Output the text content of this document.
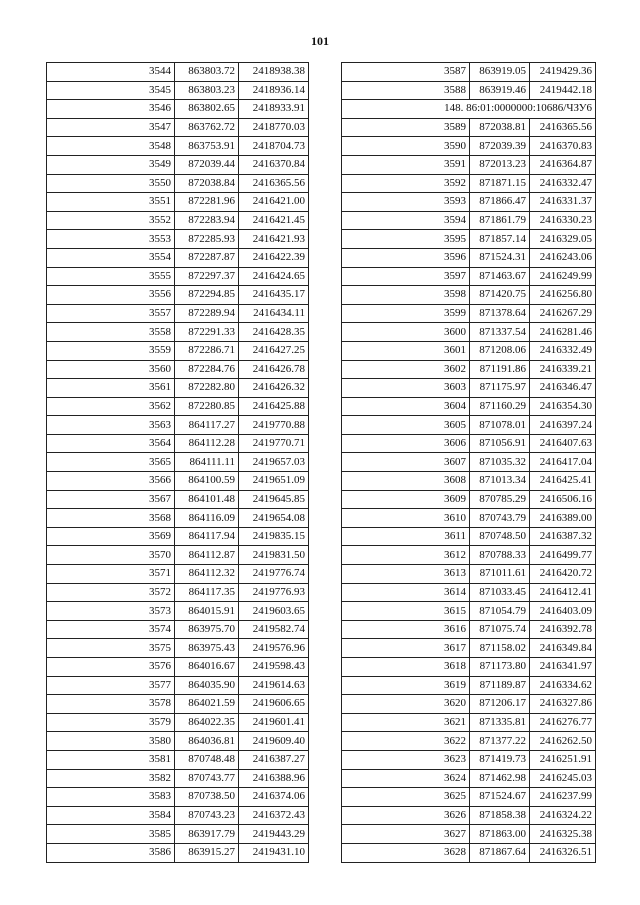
101
3544	863803.72	2418938.38
3545	863803.23	2418936.14
3546	863802.65	2418933.91
3547	863762.72	2418770.03
3548	863753.91	2418704.73
3549	872039.44	2416370.84
3550	872038.84	2416365.56
3551	872281.96	2416421.00
3552	872283.94	2416421.45
3553	872285.93	2416421.93
3554	872287.87	2416422.39
3555	872297.37	2416424.65
3556	872294.85	2416435.17
3557	872289.94	2416434.11
3558	872291.33	2416428.35
3559	872286.71	2416427.25
3560	872284.76	2416426.78
3561	872282.80	2416426.32
3562	872280.85	2416425.88
3563	864117.27	2419770.88
3564	864112.28	2419770.71
3565	864111.11	2419657.03
3566	864100.59	2419651.09
3567	864101.48	2419645.85
3568	864116.09	2419654.08
3569	864117.94	2419835.15
3570	864112.87	2419831.50
3571	864112.32	2419776.74
3572	864117.35	2419776.93
3573	864015.91	2419603.65
3574	863975.70	2419582.74
3575	863975.43	2419576.96
3576	864016.67	2419598.43
3577	864035.90	2419614.63
3578	864021.59	2419606.65
3579	864022.35	2419601.41
3580	864036.81	2419609.40
3581	870748.48	2416387.27
3582	870743.77	2416388.96
3583	870738.50	2416374.06
3584	870743.23	2416372.43
3585	863917.79	2419443.29
3586	863915.27	2419431.10
3587	863919.05	2419429.36
3588	863919.46	2419442.18
148. 86:01:0000000:10686/ЧЗУ6		
3589	872038.81	2416365.56
3590	872039.39	2416370.83
3591	872013.23	2416364.87
3592	871871.15	2416332.47
3593	871866.47	2416331.37
3594	871861.79	2416330.23
3595	871857.14	2416329.05
3596	871524.31	2416243.06
3597	871463.67	2416249.99
3598	871420.75	2416256.80
3599	871378.64	2416267.29
3600	871337.54	2416281.46
3601	871208.06	2416332.49
3602	871191.86	2416339.21
3603	871175.97	2416346.47
3604	871160.29	2416354.30
3605	871078.01	2416397.24
3606	871056.91	2416407.63
3607	871035.32	2416417.04
3608	871013.34	2416425.41
3609	870785.29	2416506.16
3610	870743.79	2416389.00
3611	870748.50	2416387.32
3612	870788.33	2416499.77
3613	871011.61	2416420.72
3614	871033.45	2416412.41
3615	871054.79	2416403.09
3616	871075.74	2416392.78
3617	871158.02	2416349.84
3618	871173.80	2416341.97
3619	871189.87	2416334.62
3620	871206.17	2416327.86
3621	871335.81	2416276.77
3622	871377.22	2416262.50
3623	871419.73	2416251.91
3624	871462.98	2416245.03
3625	871524.67	2416237.99
3626	871858.38	2416324.22
3627	871863.00	2416325.38
3628	871867.64	2416326.51
